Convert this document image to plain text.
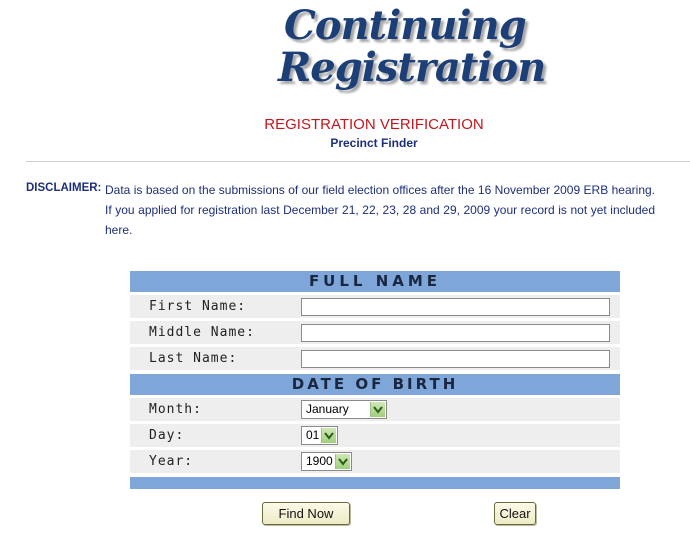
Continuing
Registration
REGISTRATION VERIFICATION
Precinct Finder
DISCLAIMER: Data is based on the submissions of our field election offices after the 16 November 2009 ERB hearing. If you applied for registration last December 21, 22, 23, 28 and 29, 2009 your record is not yet included here.
FULL NAME
First Name:
Middle Name:
Last Name:
DATE OF BIRTH
Month:	January
Day:	01
Year:	1900
Find Now	Clear
